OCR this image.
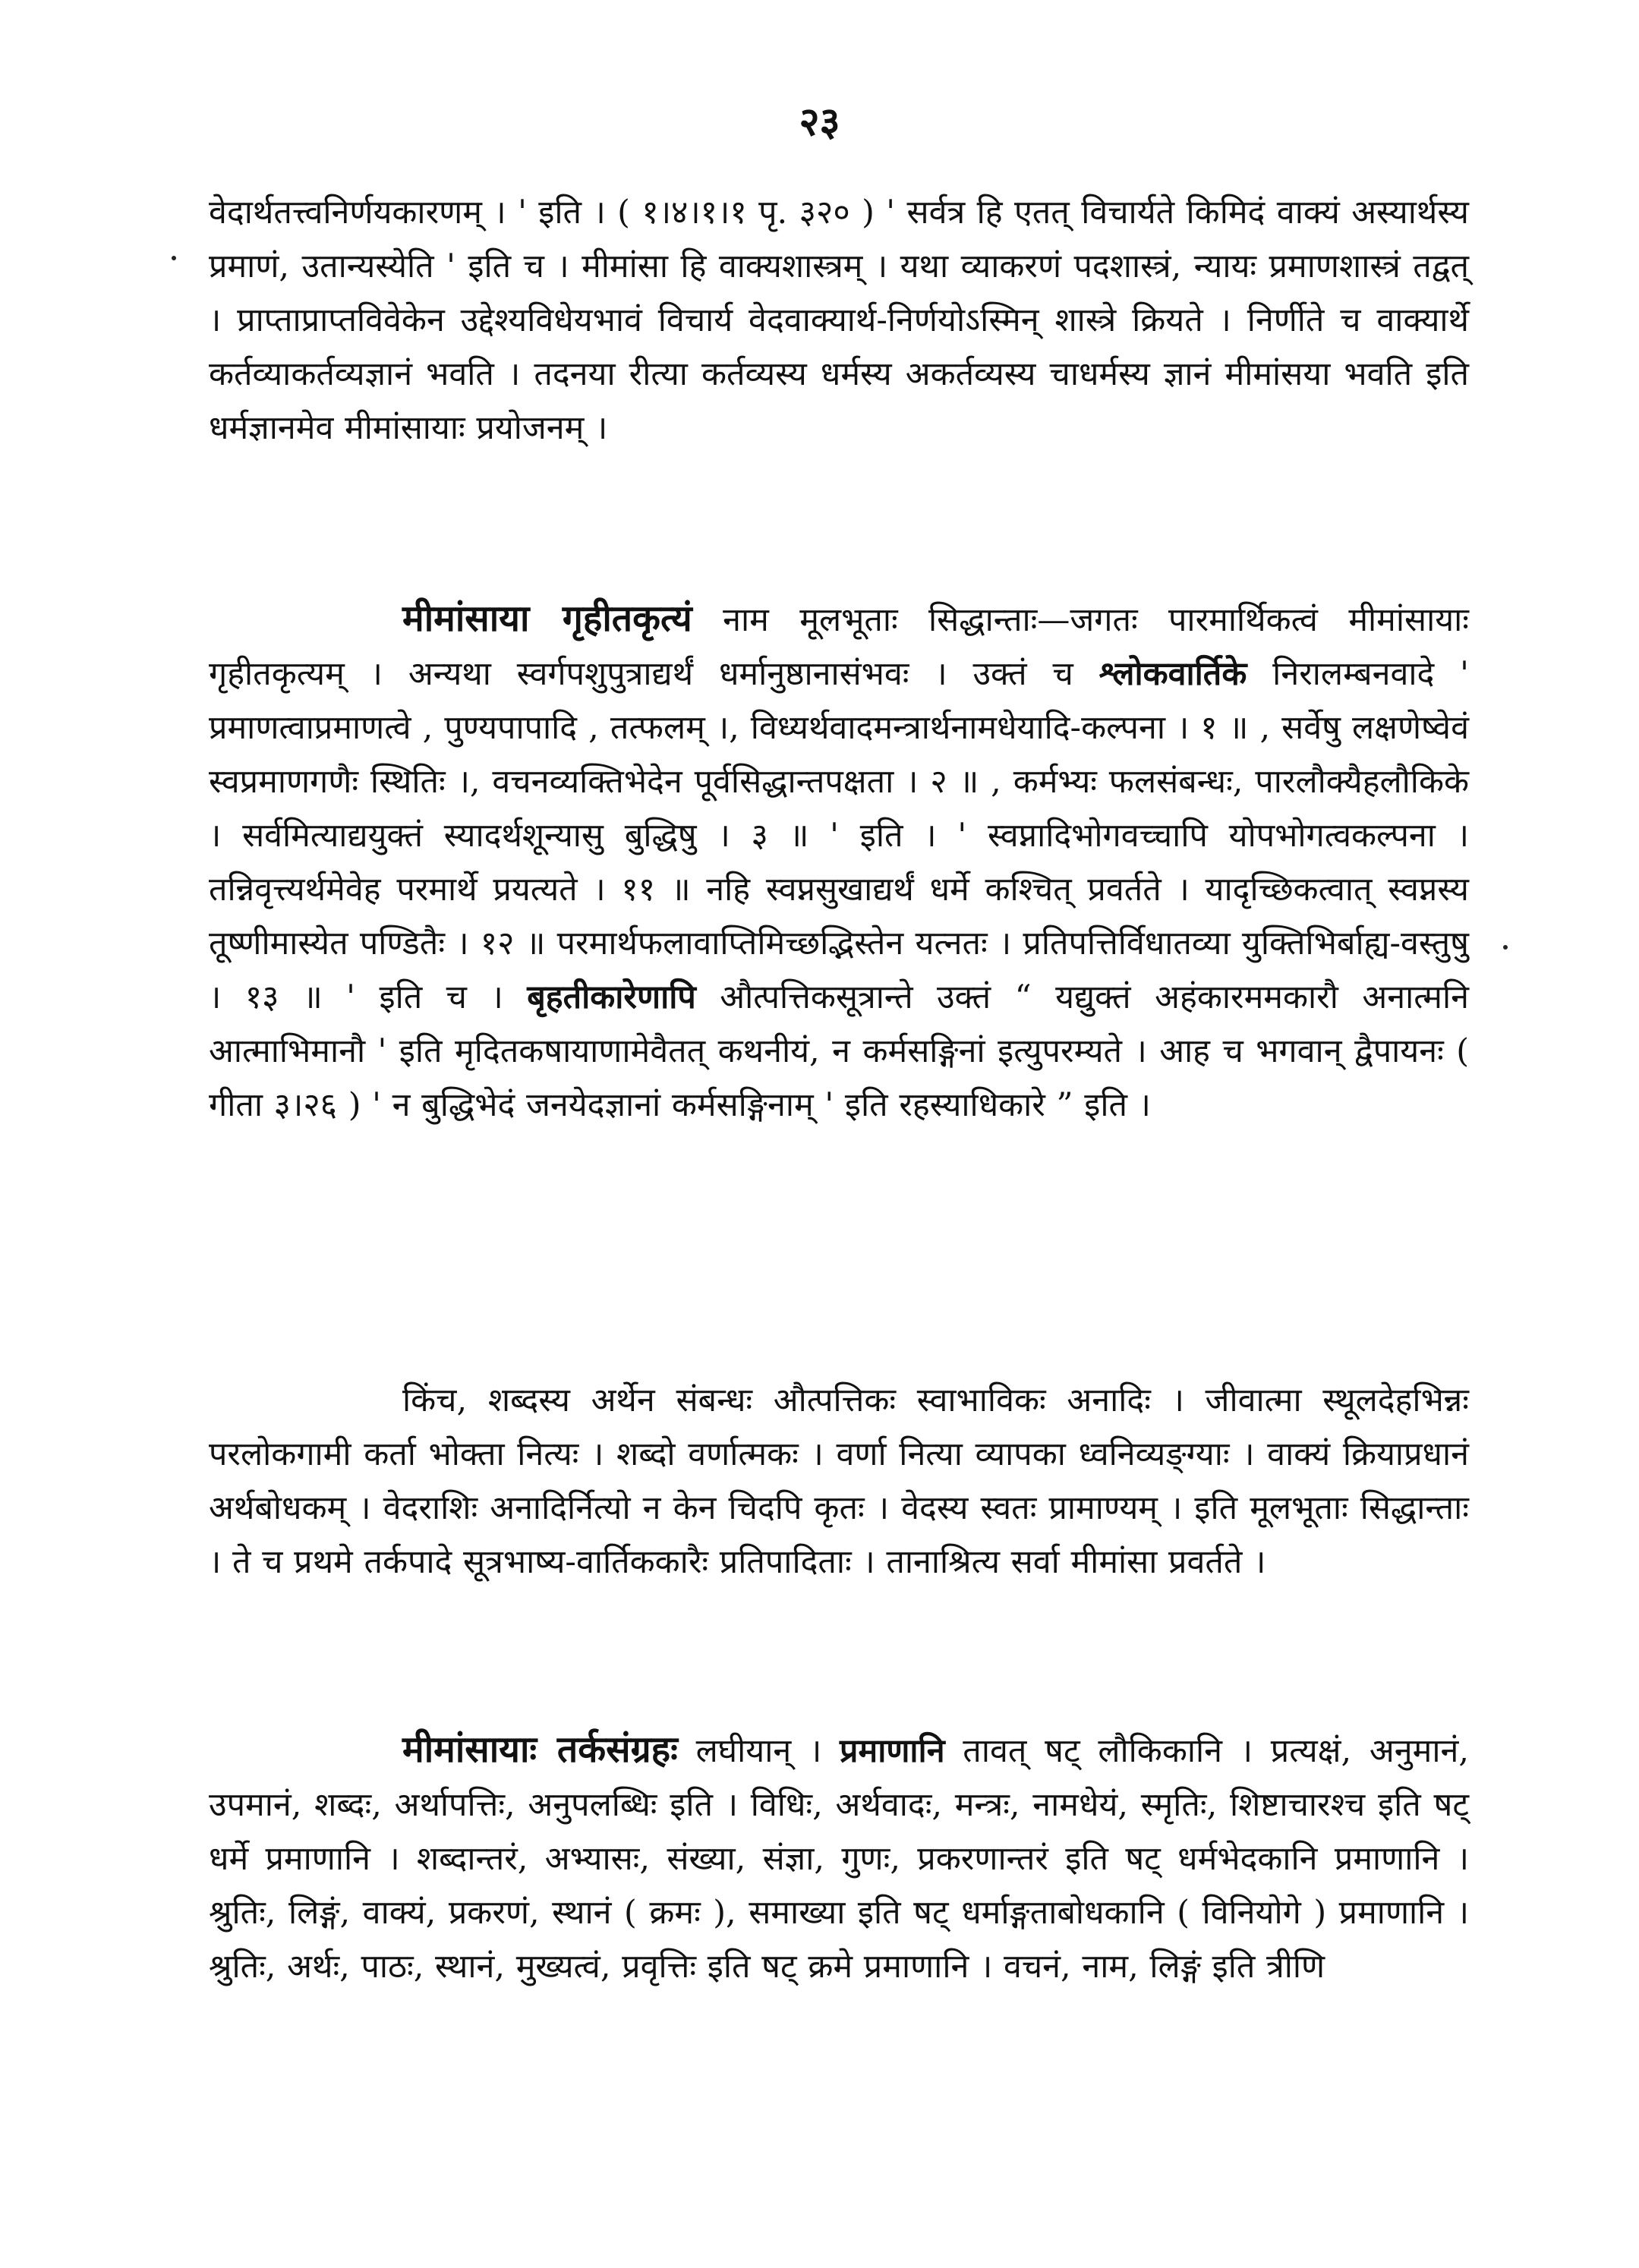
२३

वेदार्थतत्त्वनिर्णयकारणम् । ' इति । ( १।४।१।१ पृ. ३२० ) ' सर्वत्र हि एतत् विचार्यते किमिदं वाक्यं अस्यार्थस्य प्रमाणं, उतान्यस्येति ' इति च । मीमांसा हि वाक्यशास्त्रम् । यथा व्याकरणं पदशास्त्रं, न्यायः प्रमाणशास्त्रं तद्वत् । प्राप्ताप्राप्तविवेकेन उद्देश्यविधेयभावं विचार्य वेदवाक्यार्थ-निर्णयोऽस्मिन् शास्त्रे क्रियते । निर्णीते च वाक्यार्थे कर्तव्याकर्तव्यज्ञानं भवति । तदनया रीत्या कर्तव्यस्य धर्मस्य अकर्तव्यस्य चाधर्मस्य ज्ञानं मीमांसया भवति इति धर्मज्ञानमेव मीमांसायाः प्रयोजनम् ।

मीमांसाया गृहीतकृत्यं नाम मूलभूताः सिद्धान्ताः—जगतः पारमार्थिकत्वं मीमांसायाः गृहीतकृत्यम् । अन्यथा स्वर्गपशुपुत्राद्यर्थं धर्मानुष्ठानासंभवः । उक्तं च श्लोकवार्तिके निरालम्बनवादे ' प्रमाणत्वाप्रमाणत्वे , पुण्यपापादि , तत्फलम् ।, विध्यर्थवादमन्त्रार्थनामधेयादि-कल्पना । १ ॥ , सर्वेषु लक्षणेष्वेवं स्वप्रमाणगणैः स्थितिः ।, वचनव्यक्तिभेदेन पूर्वसिद्धान्तपक्षता । २ ॥ , कर्मभ्यः फलसंबन्धः, पारलौक्यैहलौकिके । सर्वमित्याद्ययुक्तं स्यादर्थशून्यासु बुद्धिषु । ३ ॥ ' इति । ' स्वप्नादिभोगवच्चापि योपभोगत्वकल्पना । तन्निवृत्त्यर्थमेवेह परमार्थे प्रयत्यते । ११ ॥ नहि स्वप्नसुखाद्यर्थं धर्मे कश्चित् प्रवर्तते । यादृच्छिकत्वात् स्वप्नस्य तूष्णीमास्येत पण्डितैः । १२ ॥ परमार्थफलावाप्तिमिच्छद्भिस्तेन यत्नतः । प्रतिपत्तिर्विधातव्या युक्तिभिर्बाह्य-वस्तुषु । १३ ॥ ' इति च । बृहतीकारेणापि औत्पत्तिकसूत्रान्ते उक्तं “ यद्युक्तं अहंकारममकारौ अनात्मनि आत्माभिमानौ ' इति मृदितकषायाणामेवैतत् कथनीयं, न कर्मसङ्गिनां इत्युपरम्यते । आह च भगवान् द्वैपायनः ( गीता ३।२६ ) ' न बुद्धिभेदं जनयेदज्ञानां कर्मसङ्गिनाम् ' इति रहस्याधिकारे ” इति ।

किंच, शब्दस्य अर्थेन संबन्धः औत्पत्तिकः स्वाभाविकः अनादिः । जीवात्मा स्थूलदेहभिन्नः परलोकगामी कर्ता भोक्ता नित्यः । शब्दो वर्णात्मकः । वर्णा नित्या व्यापका ध्वनिव्यङ्ग्याः । वाक्यं क्रियाप्रधानं अर्थबोधकम् । वेदराशिः अनादिर्नित्यो न केन चिदपि कृतः । वेदस्य स्वतः प्रामाण्यम् । इति मूलभूताः सिद्धान्ताः । ते च प्रथमे तर्कपादे सूत्रभाष्य-वार्तिककारैः प्रतिपादिताः । तानाश्रित्य सर्वा मीमांसा प्रवर्तते ।

मीमांसायाः तर्कसंग्रहः लघीयान् । प्रमाणानि तावत् षट् लौकिकानि । प्रत्यक्षं, अनुमानं, उपमानं, शब्दः, अर्थापत्तिः, अनुपलब्धिः इति । विधिः, अर्थवादः, मन्त्रः, नामधेयं, स्मृतिः, शिष्टाचारश्च इति षट् धर्मे प्रमाणानि । शब्दान्तरं, अभ्यासः, संख्या, संज्ञा, गुणः, प्रकरणान्तरं इति षट् धर्मभेदकानि प्रमाणानि । श्रुतिः, लिङ्गं, वाक्यं, प्रकरणं, स्थानं ( क्रमः ), समाख्या इति षट् धर्माङ्गताबोधकानि ( विनियोगे ) प्रमाणानि । श्रुतिः, अर्थः, पाठः, स्थानं, मुख्यत्वं, प्रवृत्तिः इति षट् क्रमे प्रमाणानि । वचनं, नाम, लिङ्गं इति त्रीणि
